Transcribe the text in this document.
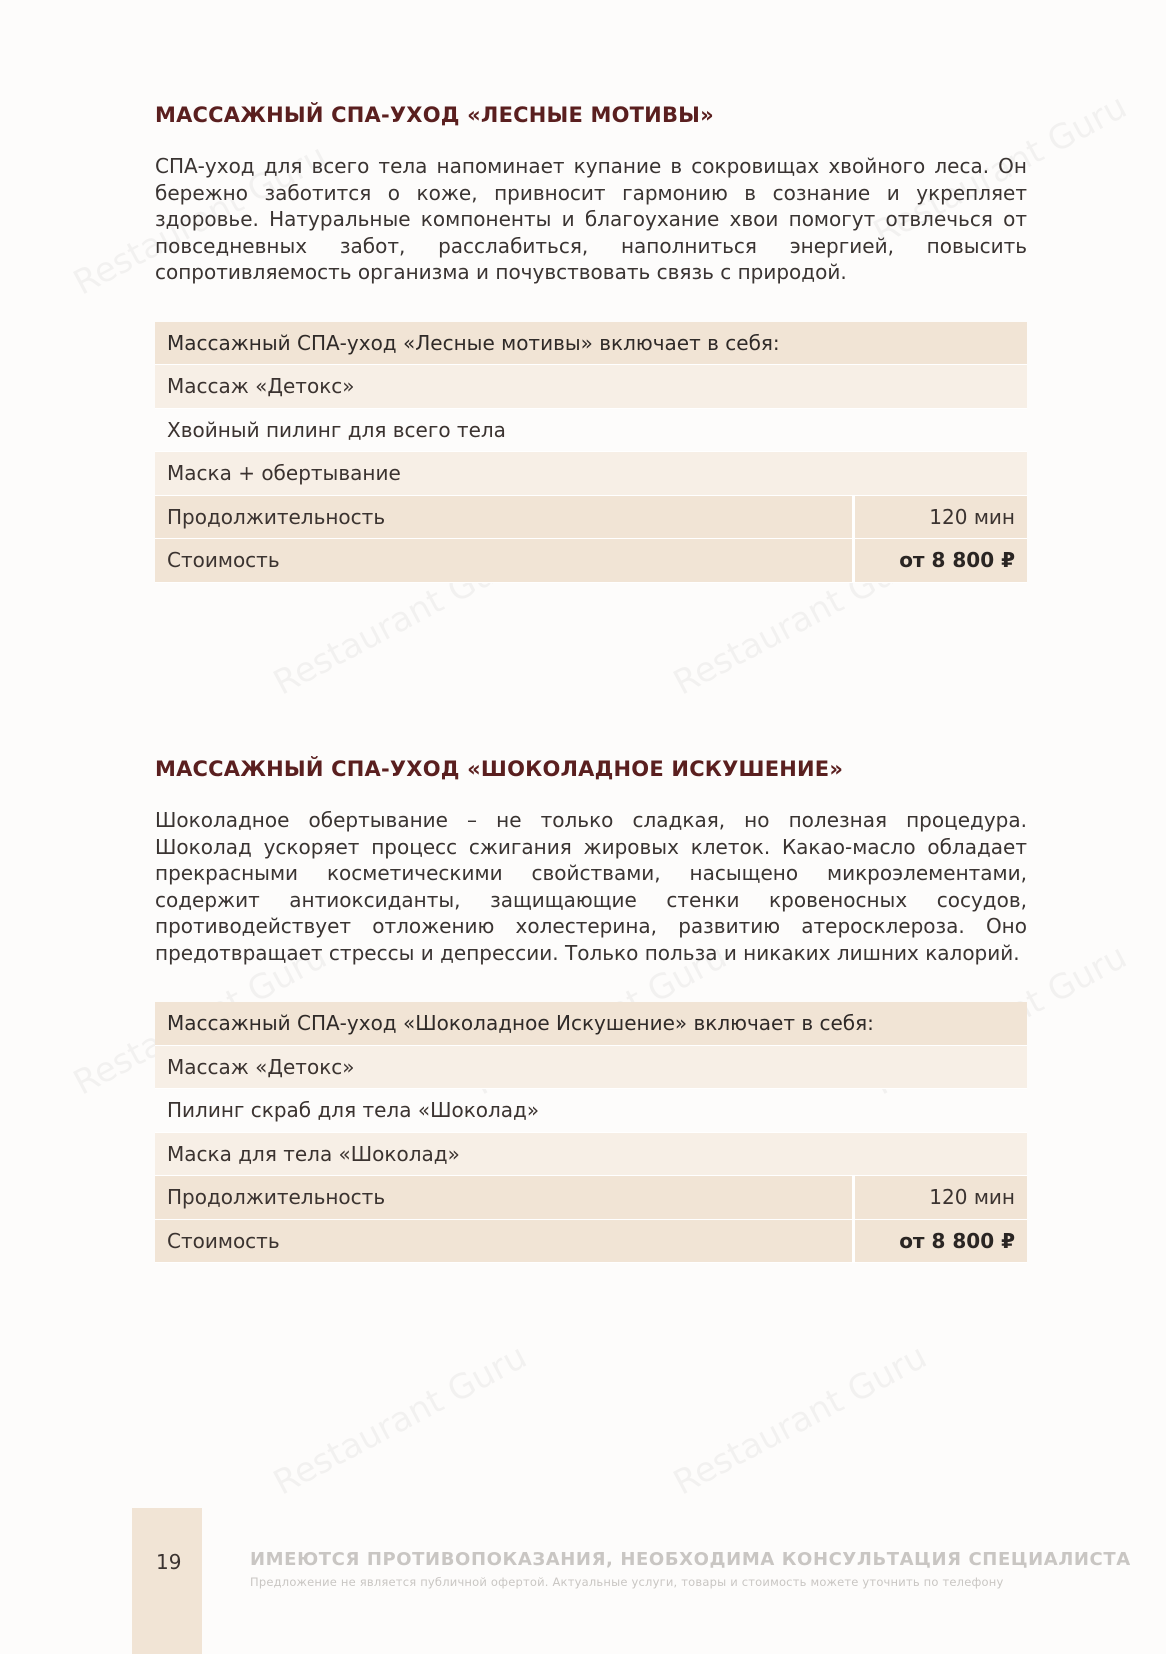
МАССАЖНЫЙ СПА-УХОД «ЛЕСНЫЕ МОТИВЫ»

СПА-уход для всего тела напоминает купание в сокровищах хвойного леса. Он бережно заботится о коже, привносит гармонию в сознание и укрепляет здоровье. Натуральные компоненты и благоухание хвои помогут отвлечься от повседневных забот, расслабиться, наполниться энергией, повысить сопротивляемость организма и почувствовать связь с природой.

Массажный СПА-уход «Лесные мотивы» включает в себя:
Массаж «Детокс»
Хвойный пилинг для всего тела
Маска + обертывание
Продолжительность	120 мин
Стоимость	от 8 800 ₽
МАССАЖНЫЙ СПА-УХОД «ШОКОЛАДНОЕ ИСКУШЕНИЕ»

Шоколадное обертывание – не только сладкая, но полезная процедура. Шоколад ускоряет процесс сжигания жировых клеток. Какао-масло обладает прекрасными косметическими свойствами, насыщено микроэлементами, содержит антиоксиданты, защищающие стенки кровеносных сосудов, противодействует отложению холестерина, развитию атеросклероза. Оно предотвращает стрессы и депрессии. Только польза и никаких лишних калорий.

Массажный СПА-уход «Шоколадное Искушение» включает в себя:
Массаж «Детокс»
Пилинг скраб для тела «Шоколад»
Маска для тела «Шоколад»
Продолжительность	120 мин
Стоимость	от 8 800 ₽
19	ИМЕЮТСЯ ПРОТИВОПОКАЗАНИЯ, НЕОБХОДИМА КОНСУЛЬТАЦИЯ СПЕЦИАЛИСТА
Предложение не является публичной офертой. Актуальные услуги, товары и стоимость можете уточнить по телефону
